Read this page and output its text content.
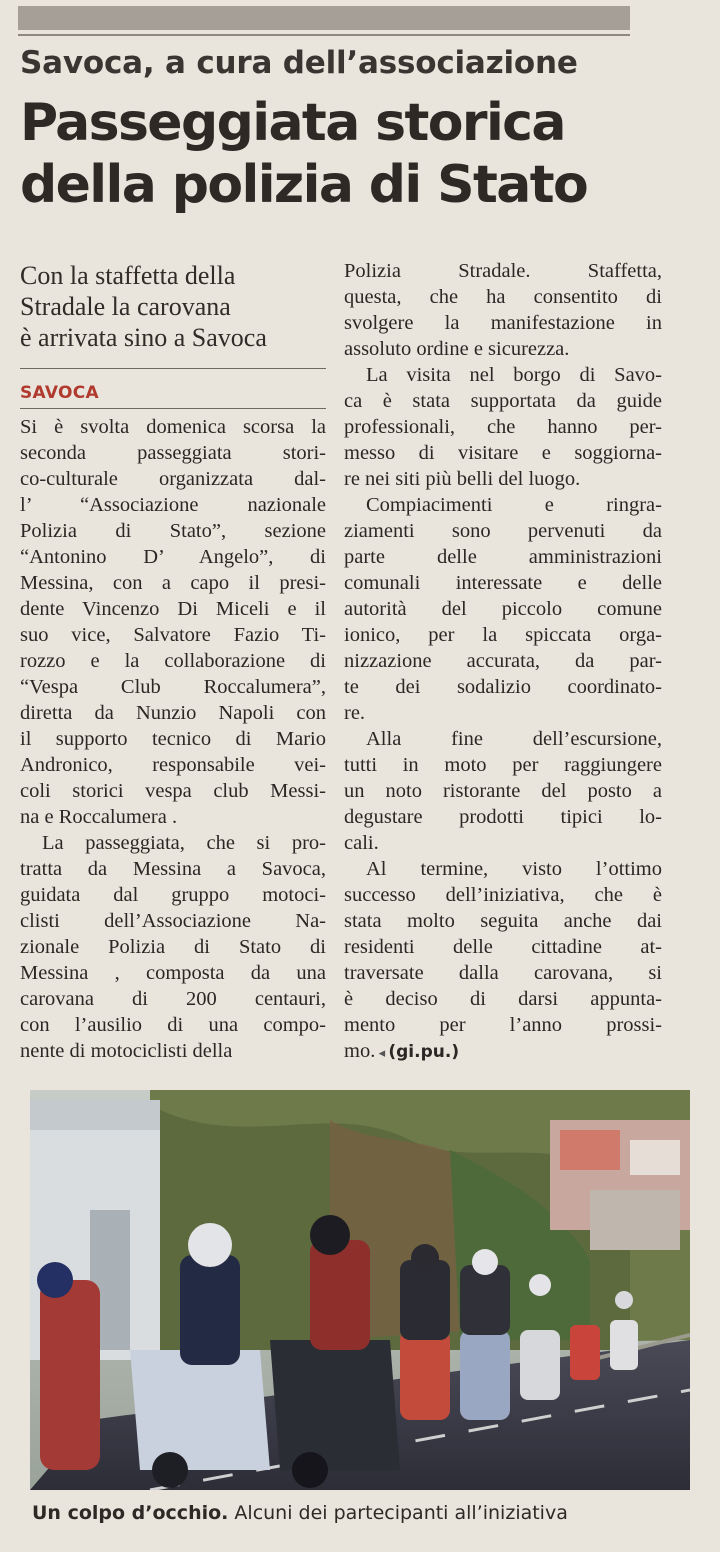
Savoca, a cura dell’associazione
Passeggiata storica
della polizia di Stato
Con la staffetta della
Stradale la carovana
è arrivata sino a Savoca
SAVOCA
Si è svolta domenica scorsa la
seconda passeggiata stori-
co-culturale organizzata dal-
l’ “Associazione nazionale
Polizia di Stato”, sezione
“Antonino D’ Angelo”, di
Messina, con a capo il presi-
dente Vincenzo Di Miceli e il
suo vice, Salvatore Fazio Ti-
rozzo e la collaborazione di
“Vespa Club Roccalumera”,
diretta da Nunzio Napoli con
il supporto tecnico di Mario
Andronico, responsabile vei-
coli storici vespa club Messi-
na e Roccalumera .
La passeggiata, che si pro-
tratta da Messina a Savoca,
guidata dal gruppo motoci-
clisti dell’Associazione Na-
zionale Polizia di Stato di
Messina , composta da una
carovana di 200 centauri,
con l’ausilio di una compo-
nente di motociclisti della
Polizia Stradale. Staffetta,
questa, che ha consentito di
svolgere la manifestazione in
assoluto ordine e sicurezza.
La visita nel borgo di Savo-
ca è stata supportata da guide
professionali, che hanno per-
messo di visitare e soggiorna-
re nei siti più belli del luogo.
Compiacimenti e ringra-
ziamenti sono pervenuti da
parte delle amministrazioni
comunali interessate e delle
autorità del piccolo comune
ionico, per la spiccata orga-
nizzazione accurata, da par-
te dei sodalizio coordinato-
re.
Alla fine dell’escursione,
tutti in moto per raggiungere
un noto ristorante del posto a
degustare prodotti tipici lo-
cali.
Al termine, visto l’ottimo
successo dell’iniziativa, che è
stata molto seguita anche dai
residenti delle cittadine at-
traversate dalla carovana, si
è deciso di darsi appunta-
mento per l’anno prossi-
mo. ◂ (gi.pu.)
Un colpo d’occhio. Alcuni dei partecipanti all’iniziativa
